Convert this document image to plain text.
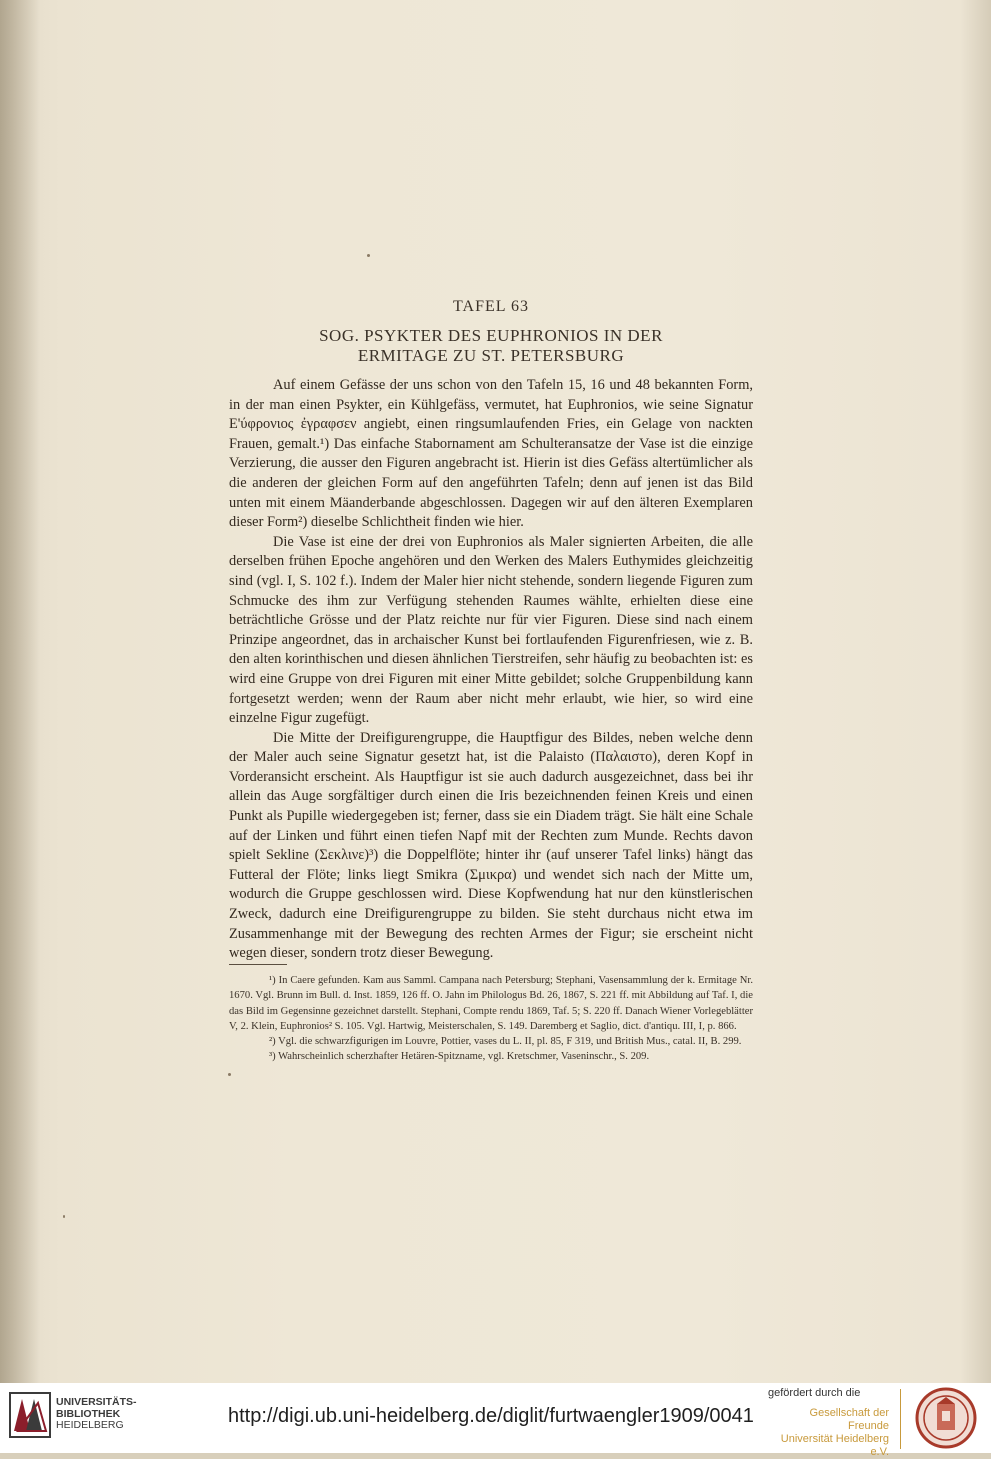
TAFEL 63
SOG. PSYKTER DES EUPHRONIOS IN DER
ERMITAGE ZU ST. PETERSBURG

Auf einem Gefässe der uns schon von den Tafeln 15, 16 und 48 bekannten Form, in der man einen Psykter, ein Kühlgefäss, vermutet, hat Euphronios, wie seine Signatur Ε'ύφρονιος ἐγραφσεν angiebt, einen ringsumlaufenden Fries, ein Gelage von nackten Frauen, gemalt.¹) Das einfache Stabornament am Schulteransatze der Vase ist die einzige Verzierung, die ausser den Figuren angebracht ist. Hierin ist dies Gefäss altertümlicher als die anderen der gleichen Form auf den angeführten Tafeln; denn auf jenen ist das Bild unten mit einem Mäanderbande abgeschlossen. Dagegen wir auf den älteren Exemplaren dieser Form²) dieselbe Schlichtheit finden wie hier.

Die Vase ist eine der drei von Euphronios als Maler signierten Arbeiten, die alle derselben frühen Epoche angehören und den Werken des Malers Euthymides gleichzeitig sind (vgl. I, S. 102 f.). Indem der Maler hier nicht stehende, sondern liegende Figuren zum Schmucke des ihm zur Verfügung stehenden Raumes wählte, erhielten diese eine beträchtliche Grösse und der Platz reichte nur für vier Figuren. Diese sind nach einem Prinzipe angeordnet, das in archaischer Kunst bei fortlaufenden Figurenfriesen, wie z. B. den alten korinthischen und diesen ähnlichen Tierstreifen, sehr häufig zu beobachten ist: es wird eine Gruppe von drei Figuren mit einer Mitte gebildet; solche Gruppenbildung kann fortgesetzt werden; wenn der Raum aber nicht mehr erlaubt, wie hier, so wird eine einzelne Figur zugefügt.

Die Mitte der Dreifigurengruppe, die Hauptfigur des Bildes, neben welche denn der Maler auch seine Signatur gesetzt hat, ist die Palaisto (Παλαιστο), deren Kopf in Vorderansicht erscheint. Als Hauptfigur ist sie auch dadurch ausgezeichnet, dass bei ihr allein das Auge sorgfältiger durch einen die Iris bezeichnenden feinen Kreis und einen Punkt als Pupille wiedergegeben ist; ferner, dass sie ein Diadem trägt. Sie hält eine Schale auf der Linken und führt einen tiefen Napf mit der Rechten zum Munde. Rechts davon spielt Sekline (Σεκλινε)³) die Doppelflöte; hinter ihr (auf unserer Tafel links) hängt das Futteral der Flöte; links liegt Smikra (Σμικρα) und wendet sich nach der Mitte um, wodurch die Gruppe geschlossen wird. Diese Kopfwendung hat nur den künstlerischen Zweck, dadurch eine Dreifigurengruppe zu bilden. Sie steht durchaus nicht etwa im Zusammenhange mit der Bewegung des rechten Armes der Figur; sie erscheint nicht wegen dieser, sondern trotz dieser Bewegung.

¹) In Caere gefunden. Kam aus Samml. Campana nach Petersburg; Stephani, Vasensammlung der k. Ermitage Nr. 1670. Vgl. Brunn im Bull. d. Inst. 1859, 126 ff. O. Jahn im Philologus Bd. 26, 1867, S. 221 ff. mit Abbildung auf Taf. I, die das Bild im Gegensinne gezeichnet darstellt. Stephani, Compte rendu 1869, Taf. 5; S. 220 ff. Danach Wiener Vorlegeblätter V, 2. Klein, Euphronios² S. 105. Vgl. Hartwig, Meisterschalen, S. 149. Daremberg et Saglio, dict. d'antiqu. III, I, p. 866.

²) Vgl. die schwarzfigurigen im Louvre, Pottier, vases du L. II, pl. 85, F 319, und British Mus., catal. II, B. 299.

³) Wahrscheinlich scherzhafter Hetären-Spitzname, vgl. Kretschmer, Vaseninschr., S. 209.

UNIVERSITÄTS-
BIBLIOTHEK
HEIDELBERG	http://digi.ub.uni-heidelberg.de/diglit/furtwaengler1909/0041
gefördert durch die
Gesellschaft der Freunde
Universität Heidelberg e.V.
